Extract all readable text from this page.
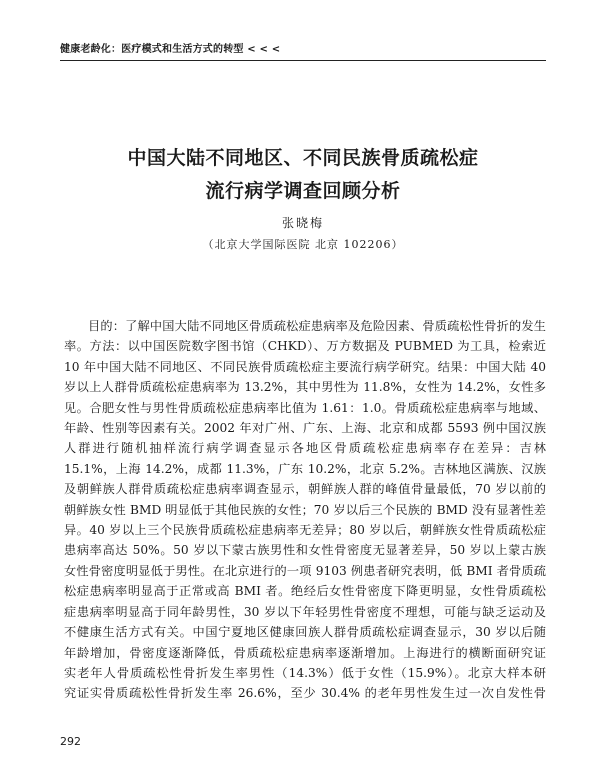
健康老龄化：医疗模式和生活方式的转型 < < <
中国大陆不同地区、不同民族骨质疏松症
流行病学调查回顾分析
张晓梅
（北京大学国际医院 北京 102206）
目的：了解中国大陆不同地区骨质疏松症患病率及危险因素、骨质疏松性骨折的发生
率。方法：以中国医院数字图书馆（CHKD）、万方数据及 PUBMED 为工具，检索近
10 年中国大陆不同地区、不同民族骨质疏松症主要流行病学研究。结果：中国大陆 40
岁以上人群骨质疏松症患病率为 13.2%，其中男性为 11.8%，女性为 14.2%，女性多
见。合肥女性与男性骨质疏松症患病率比值为 1.61：1.0。骨质疏松症患病率与地域、
年龄、性别等因素有关。2002 年对广州、广东、上海、北京和成都 5593 例中国汉族
人群进行随机抽样流行病学调查显示各地区骨质疏松症患病率存在差异：吉林
15.1%，上海 14.2%，成都 11.3%，广东 10.2%，北京 5.2%。吉林地区满族、汉族
及朝鲜族人群骨质疏松症患病率调查显示，朝鲜族人群的峰值骨量最低，70 岁以前的
朝鲜族女性 BMD 明显低于其他民族的女性；70 岁以后三个民族的 BMD 没有显著性差
异。40 岁以上三个民族骨质疏松症患病率无差异；80 岁以后，朝鲜族女性骨质疏松症
患病率高达 50%。50 岁以下蒙古族男性和女性骨密度无显著差异，50 岁以上蒙古族
女性骨密度明显低于男性。在北京进行的一项 9103 例患者研究表明，低 BMI 者骨质疏
松症患病率明显高于正常或高 BMI 者。绝经后女性骨密度下降更明显，女性骨质疏松
症患病率明显高于同年龄男性，30 岁以下年轻男性骨密度不理想，可能与缺乏运动及
不健康生活方式有关。中国宁夏地区健康回族人群骨质疏松症调查显示，30 岁以后随
年龄增加，骨密度逐渐降低，骨质疏松症患病率逐渐增加。上海进行的横断面研究证
实老年人骨质疏松性骨折发生率男性（14.3%）低于女性（15.9%）。北京大样本研
究证实骨质疏松性骨折发生率 26.6%，至少 30.4% 的老年男性发生过一次自发性骨
292
